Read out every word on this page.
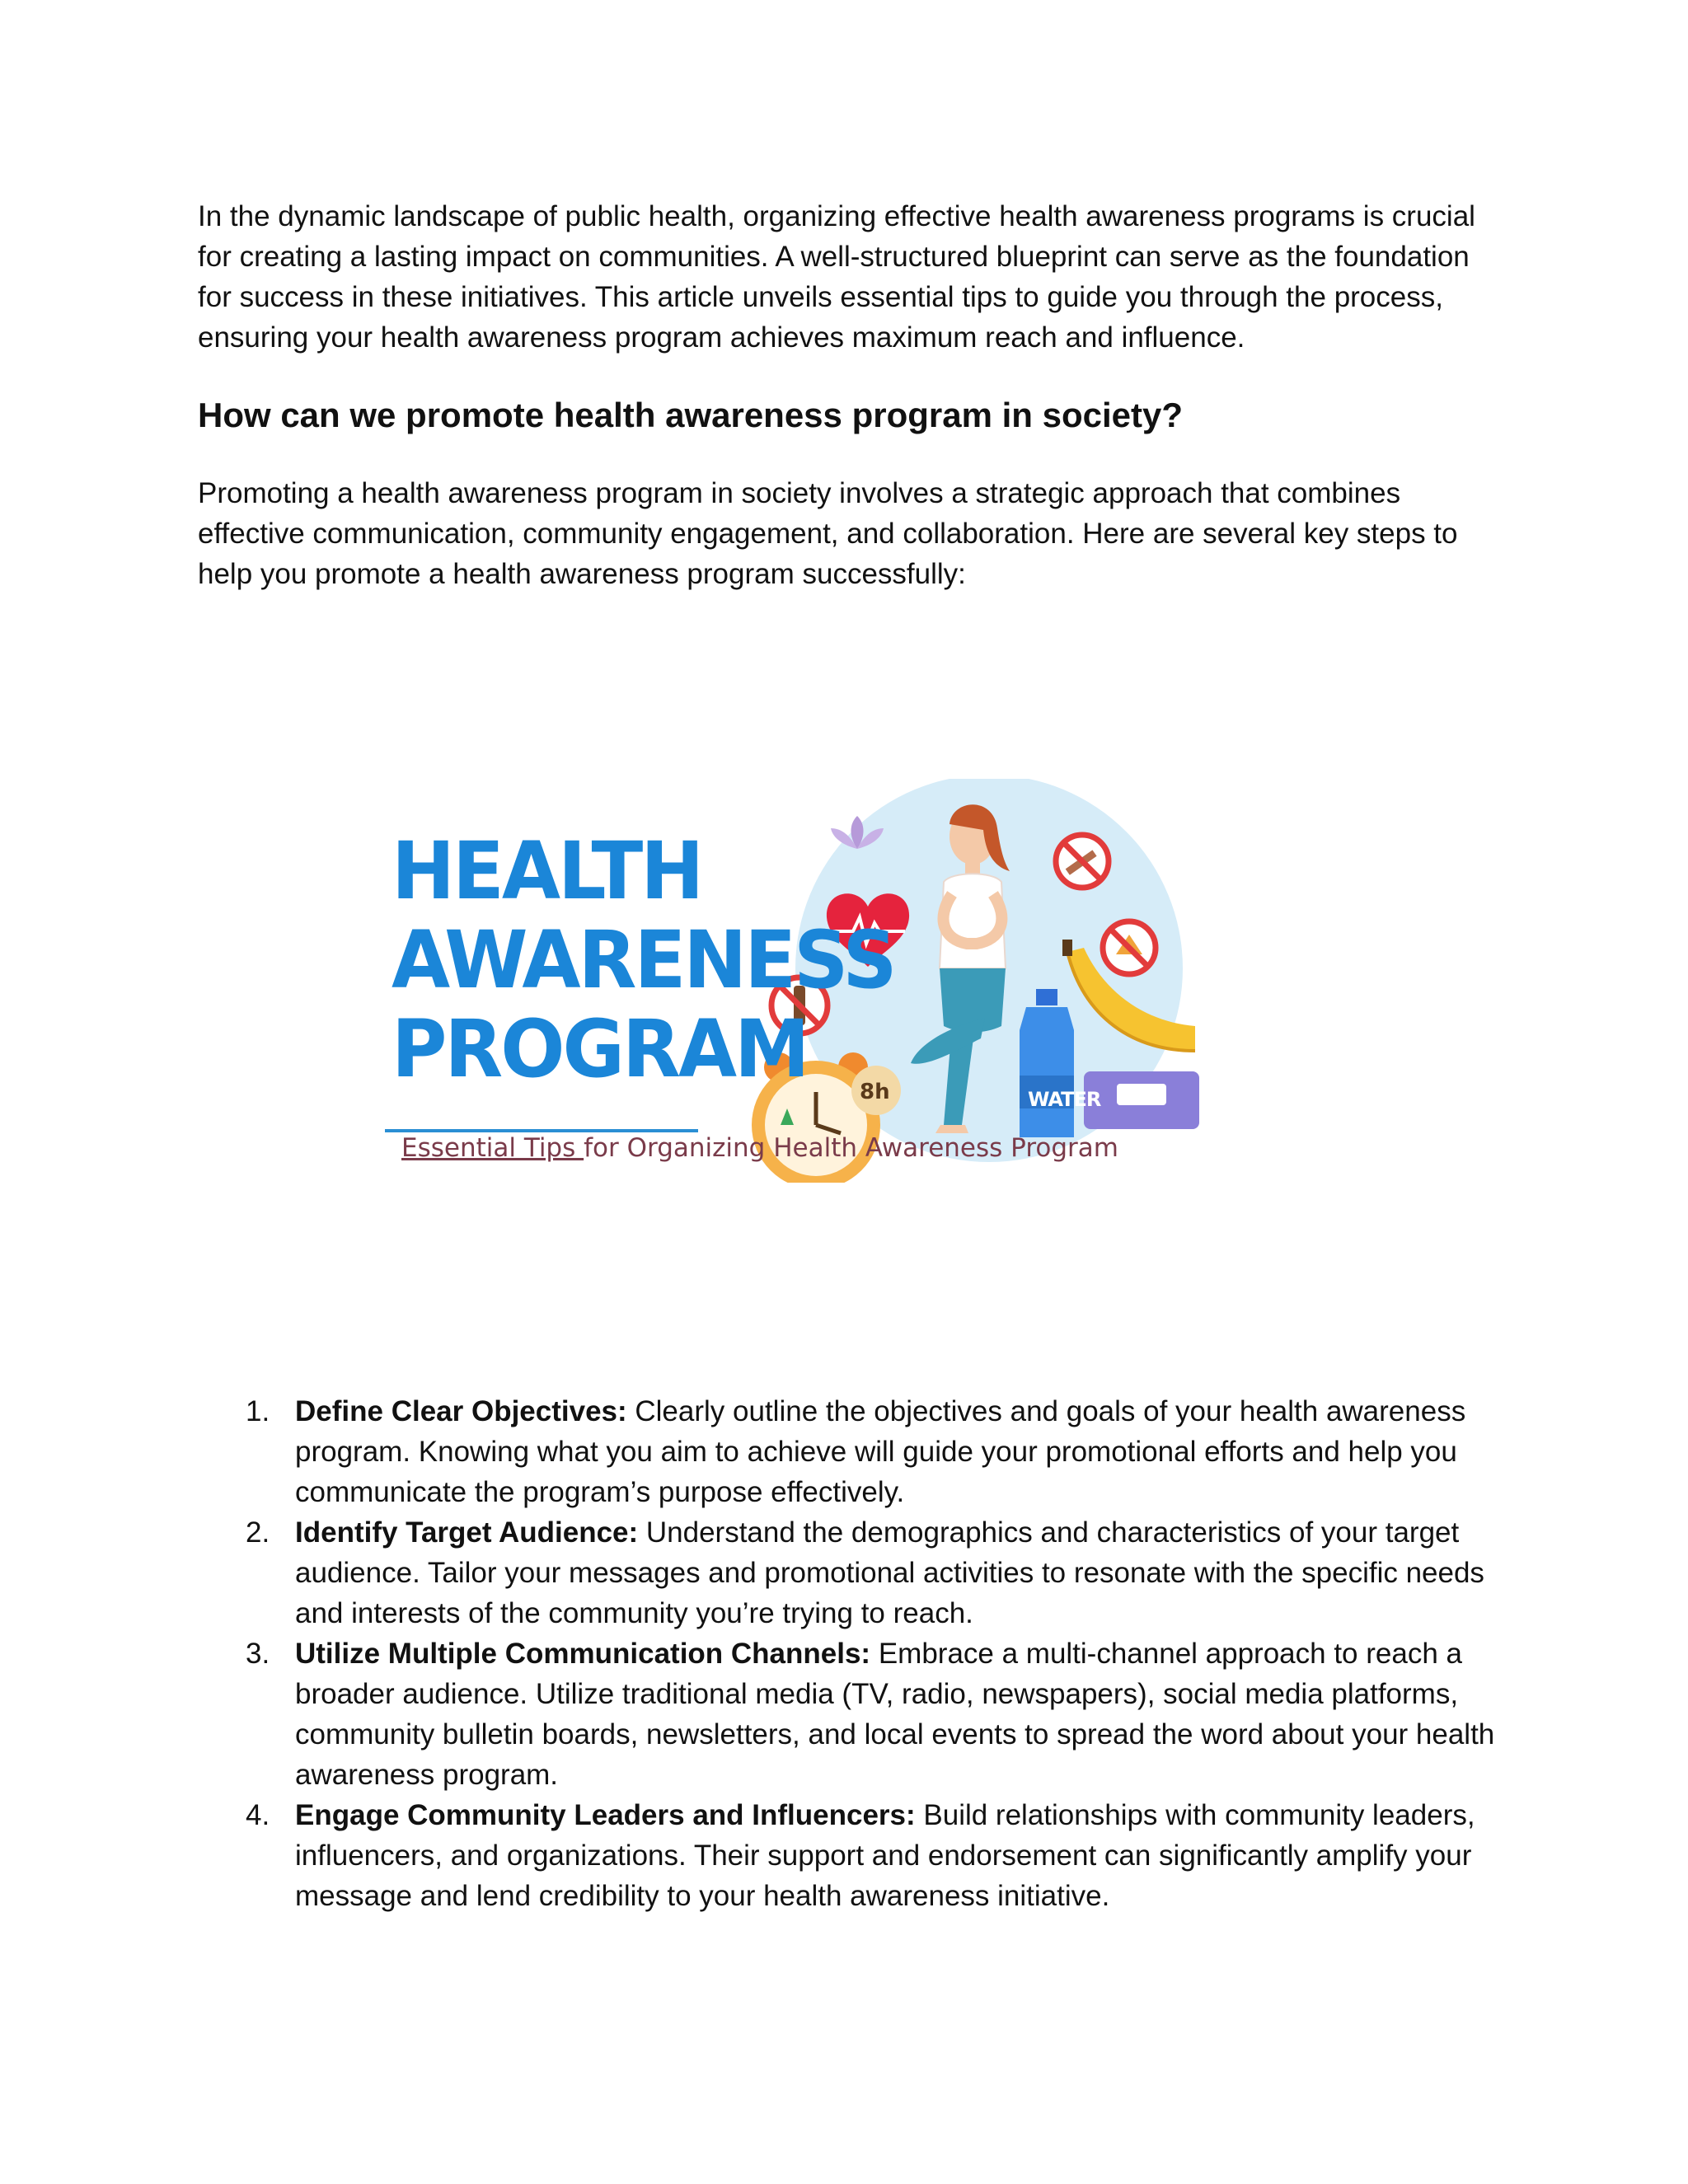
In the dynamic landscape of public health, organizing effective health awareness programs is crucial for creating a lasting impact on communities. A well-structured blueprint can serve as the foundation for success in these initiatives. This article unveils essential tips to guide you through the process, ensuring your health awareness program achieves maximum reach and influence.

How can we promote health awareness program in society?

Promoting a health awareness program in society involves a strategic approach that combines effective communication, community engagement, and collaboration. Here are several key steps to help you promote a health awareness program successfully:

HEALTH
AWARENESS
PROGRAM 8h	WATER
Essential Tips for Organizing Health Awareness Program
1. Define Clear Objectives: Clearly outline the objectives and goals of your health awareness program. Knowing what you aim to achieve will guide your promotional efforts and help you communicate the program’s purpose effectively.
2. Identify Target Audience: Understand the demographics and characteristics of your target audience. Tailor your messages and promotional activities to resonate with the specific needs and interests of the community you’re trying to reach.
3. Utilize Multiple Communication Channels: Embrace a multi-channel approach to reach a broader audience. Utilize traditional media (TV, radio, newspapers), social media platforms, community bulletin boards, newsletters, and local events to spread the word about your health awareness program.
4. Engage Community Leaders and Influencers: Build relationships with community leaders, influencers, and organizations. Their support and endorsement can significantly amplify your message and lend credibility to your health awareness initiative.
